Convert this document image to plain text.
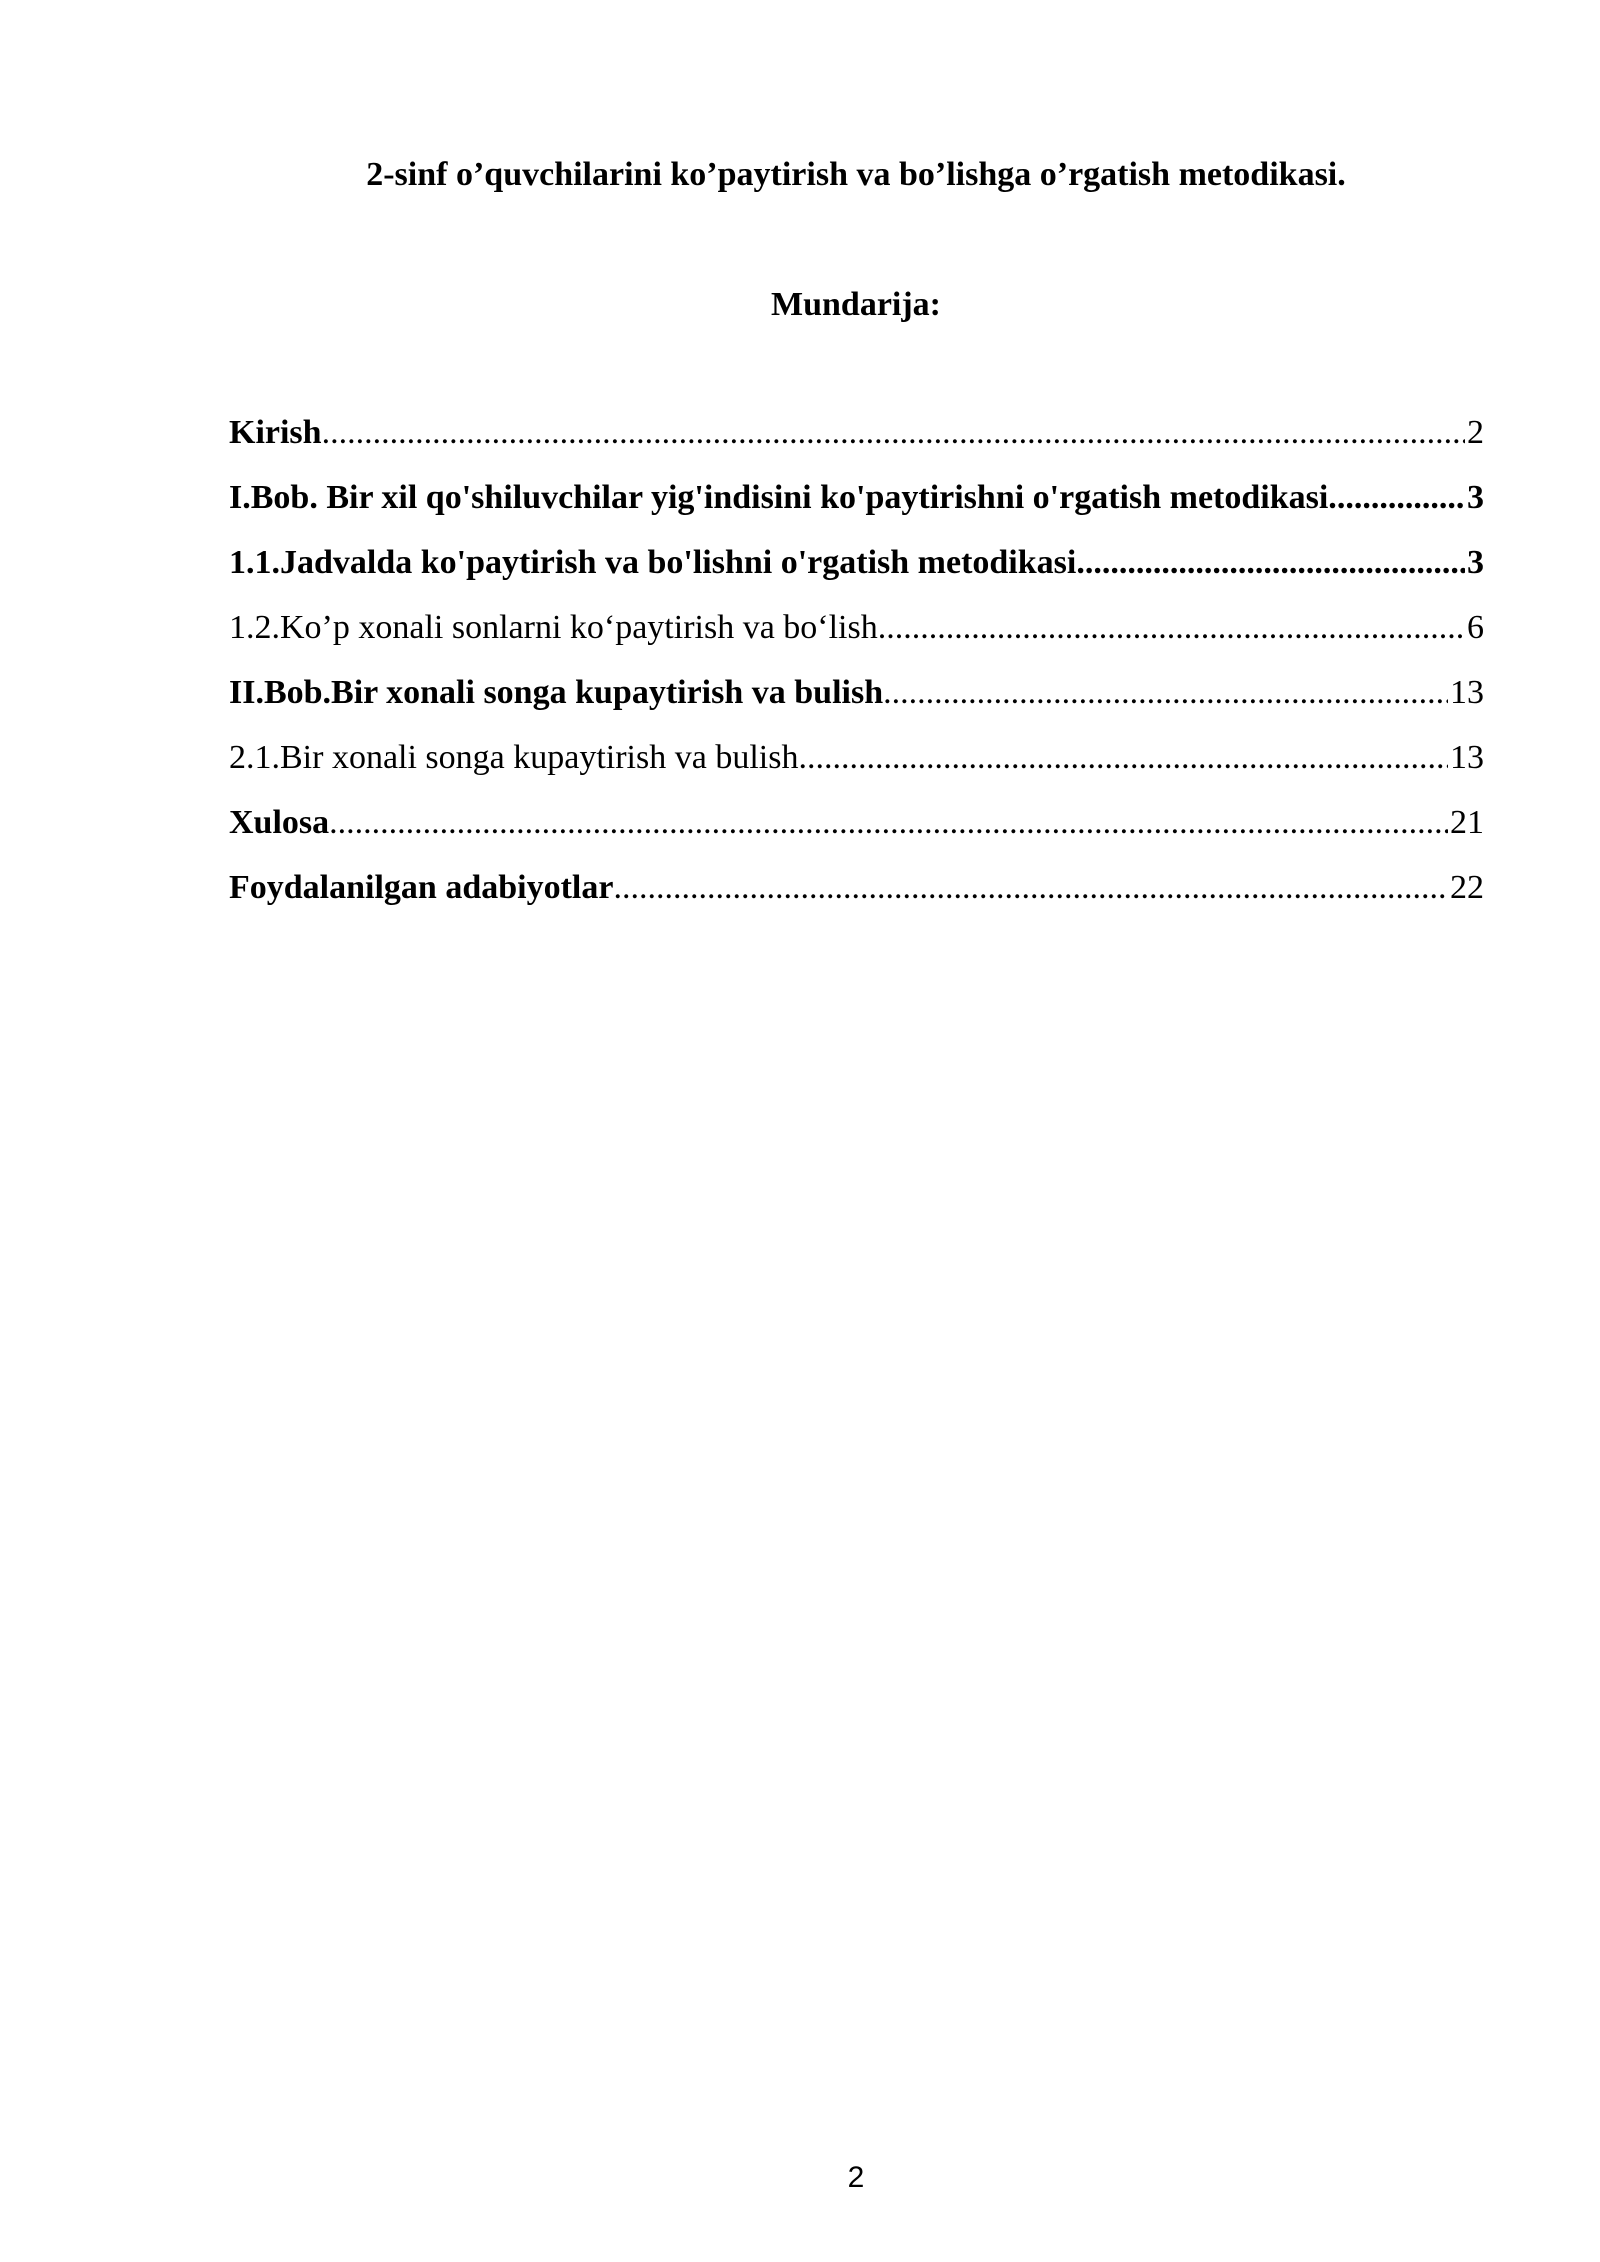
2-sinf o’quvchilarini ko’paytirish va bo’lishga o’rgatish metodikasi.
Mundarija:
Kirish .....	2
I.Bob. Bir xil qo'shiluvchilar yig'indisini ko'paytirishni o'rgatish metodikasi. .....	3
1.1.Jadvalda ko'paytirish va bo'lishni o'rgatish metodikasi .....	3
1.2.Ko’p xonali sonlarni ko‘paytirish va bo‘lish .....	6
II.Bob.Bir xonali songa kupaytirish va bulish .....	13
2.1.Bir xonali songa kupaytirish va bulish .....	13
Xulosa .....	21
Foydalanilgan adabiyotlar .....	22
2
